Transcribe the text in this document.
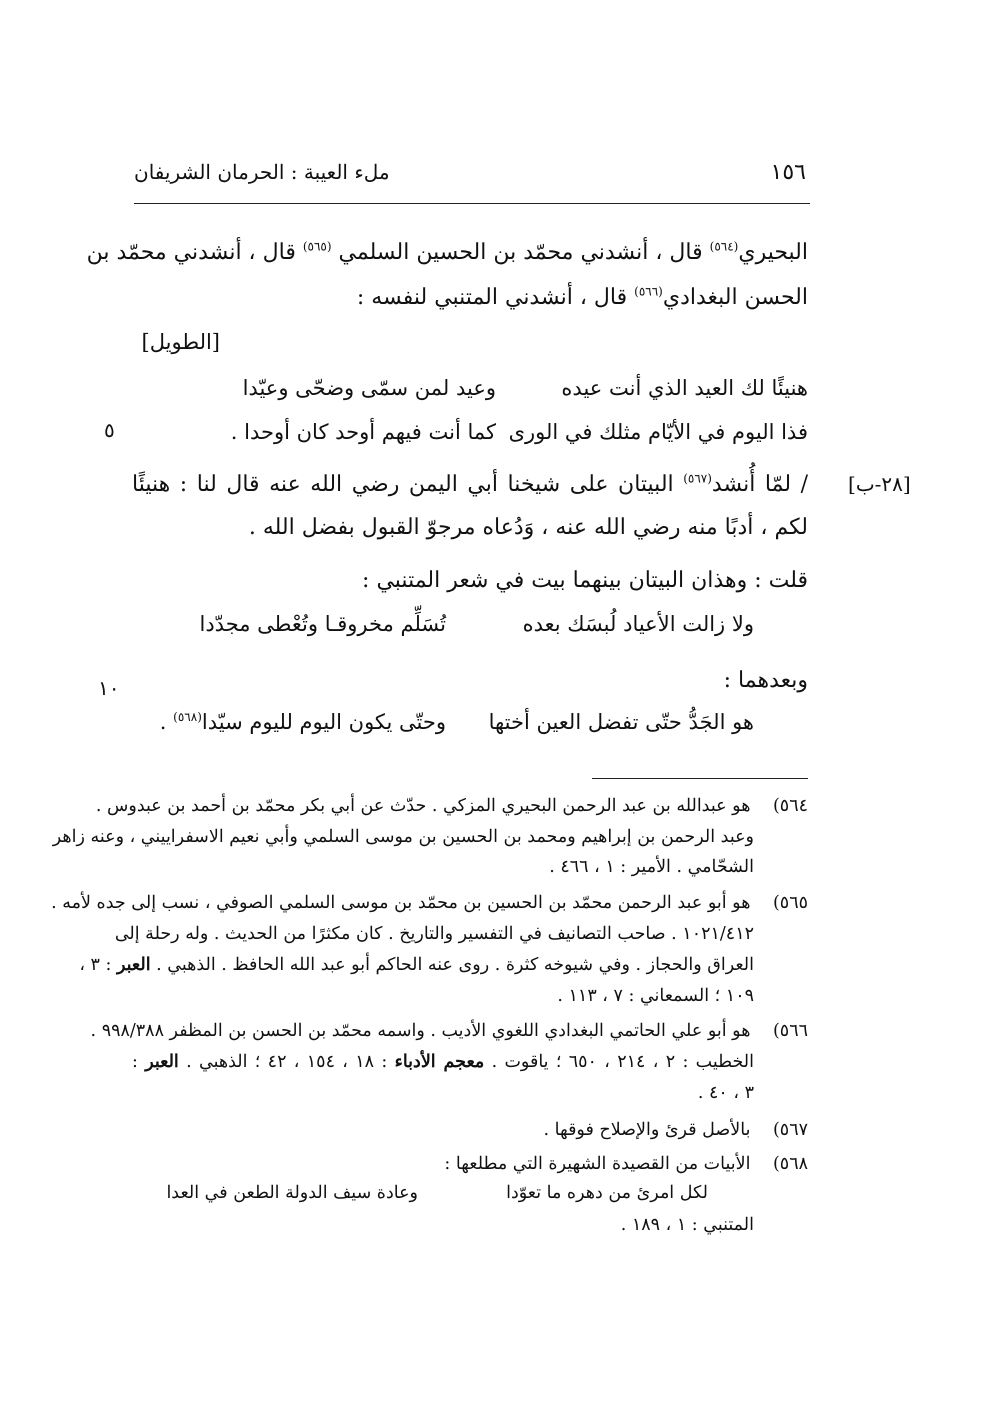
١٥٦
ملء العيبة : الحرمان الشريفان
البحيري$^{(٥٦٤)}$ قال ، أنشدني محمّد بن الحسين السلمي $^{(٥٦٥)}$ قال ، أنشدني محمّد بن
الحسن البغدادي$^{(٥٦٦)}$ قال ، أنشدني المتنبي لنفسه :
[الطويل]
هنيئًا لك العيد الذي أنت عيده
وعيد لمن سمّى وضحّى وعيّدا
فذا اليوم في الأيّام مثلك في الورى
كما أنت فيهم أوحد كان أوحدا .
٥
[٢٨-ب]
/ لمّا أُنشد$^{(٥٦٧)}$ البيتان على شيخنا أبي اليمن رضي الله عنه قال لنا : هنيئًا
لكم ، أدبًا منه رضي الله عنه ، وَدُعاه مرجوّ القبول بفضل الله .
قلت : وهذان البيتان بينهما بيت في شعر المتنبي :
ولا زالت الأعياد لُبسَك بعده
تُسَلِّم مخروقـا وتُعْطى مجدّدا
١٠	وبعدهما :
هو الجَدُّ حتّى تفضل العين أختها
وحتّى يكون اليوم لليوم سيّدا$^{(٥٦٨)}$ .
٥٦٤) هو عبدالله بن عبد الرحمن البحيري المزكي . حدّث عن أبي بكر محمّد بن أحمد بن عبدوس .
وعبد الرحمن بن إبراهيم ومحمد بن الحسين بن موسى السلمي وأبي نعيم الاسفراييني ، وعنه زاهر
الشحّامي . الأمير : ١ ، ٤٦٦ .
٥٦٥) هو أبو عبد الرحمن محمّد بن الحسين بن محمّد بن موسى السلمي الصوفي ، نسب إلى جده لأمه .
١٠٢١/٤١٢ . صاحب التصانيف في التفسير والتاريخ . كان مكثرًا من الحديث . وله رحلة إلى
العراق والحجاز . وفي شيوخه كثرة . روى عنه الحاكم أبو عبد الله الحافظ . الذهبي . العبر : ٣ ،
١٠٩ ؛ السمعاني : ٧ ، ١١٣ .
٥٦٦) هو أبو علي الحاتمي البغدادي اللغوي الأديب . واسمه محمّد بن الحسن بن المظفر ٩٩٨/٣٨٨ .
الخطيب : ٢ ، ٢١٤ ، ٦٥٠ ؛ ياقوت . معجم الأدباء : ١٨ ، ١٥٤ ، ٤٢ ؛ الذهبي . العبر :
٣ ، ٤٠ .
٥٦٧) بالأصل قرئ والإصلاح فوقها .
٥٦٨) الأبيات من القصيدة الشهيرة التي مطلعها :
لكل امرئ من دهره ما تعوّدا
وعادة سيف الدولة الطعن في العدا
المتنبي : ١ ، ١٨٩ .
